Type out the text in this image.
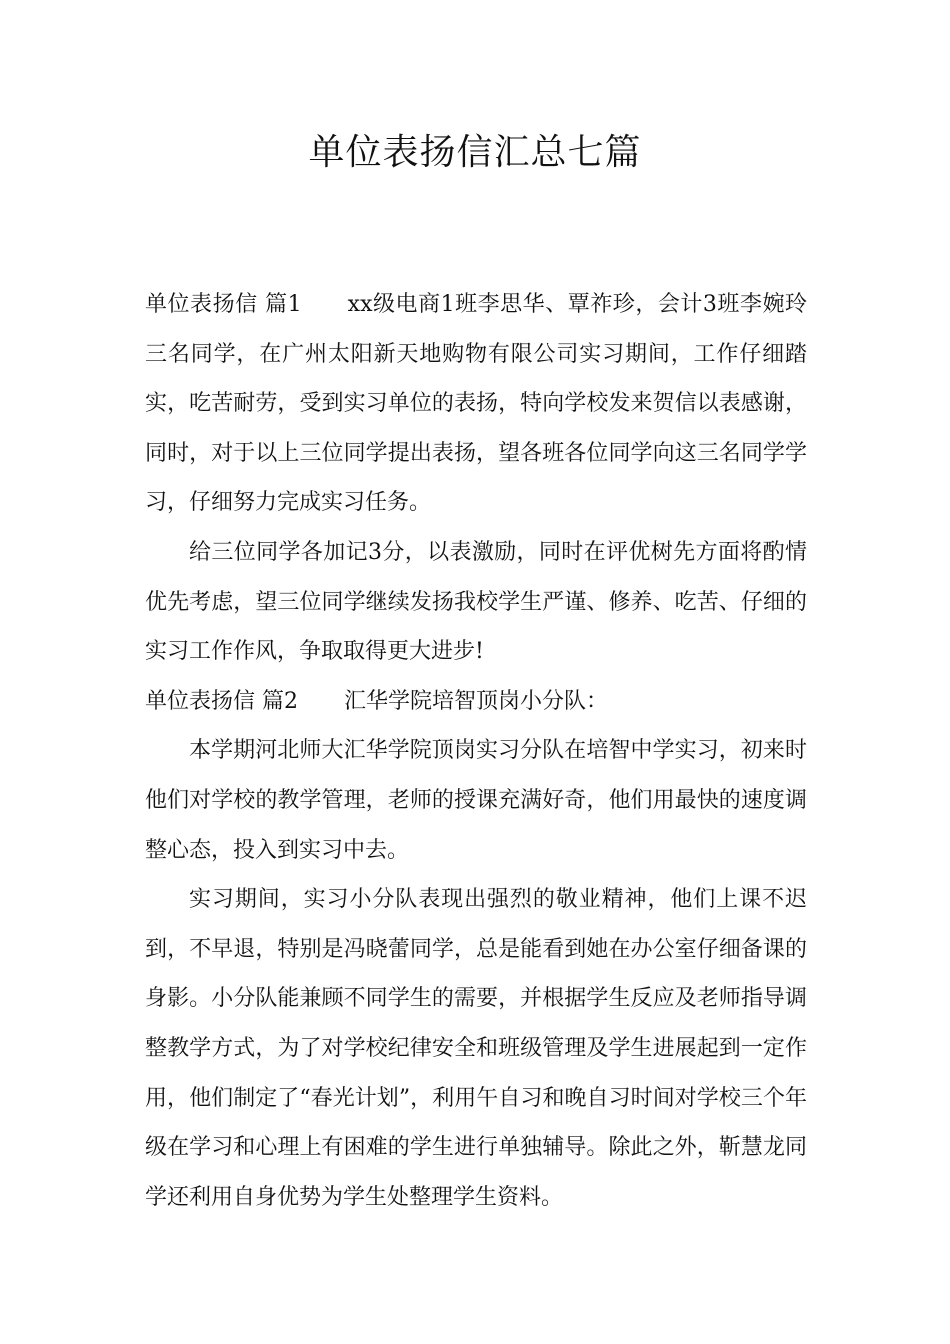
单位表扬信汇总七篇

单位表扬信 篇1 xx级电商1班李思华、覃祚珍，会计3班李婉玲三名同学，在广州太阳新天地购物有限公司实习期间，工作仔细踏实，吃苦耐劳，受到实习单位的表扬，特向学校发来贺信以表感谢，同时，对于以上三位同学提出表扬，望各班各位同学向这三名同学学习，仔细努力完成实习任务。

给三位同学各加记3分，以表激励，同时在评优树先方面将酌情优先考虑，望三位同学继续发扬我校学生严谨、修养、吃苦、仔细的实习工作作风，争取取得更大进步!

单位表扬信 篇2 汇华学院培智顶岗小分队：

本学期河北师大汇华学院顶岗实习分队在培智中学实习，初来时他们对学校的教学管理，老师的授课充满好奇，他们用最快的速度调整心态，投入到实习中去。

实习期间，实习小分队表现出强烈的敬业精神，他们上课不迟到，不早退，特别是冯晓蕾同学，总是能看到她在办公室仔细备课的身影。小分队能兼顾不同学生的需要，并根据学生反应及老师指导调整教学方式，为了对学校纪律安全和班级管理及学生进展起到一定作用，他们制定了“春光计划”，利用午自习和晚自习时间对学校三个年级在学习和心理上有困难的学生进行单独辅导。除此之外，靳慧龙同学还利用自身优势为学生处整理学生资料。
